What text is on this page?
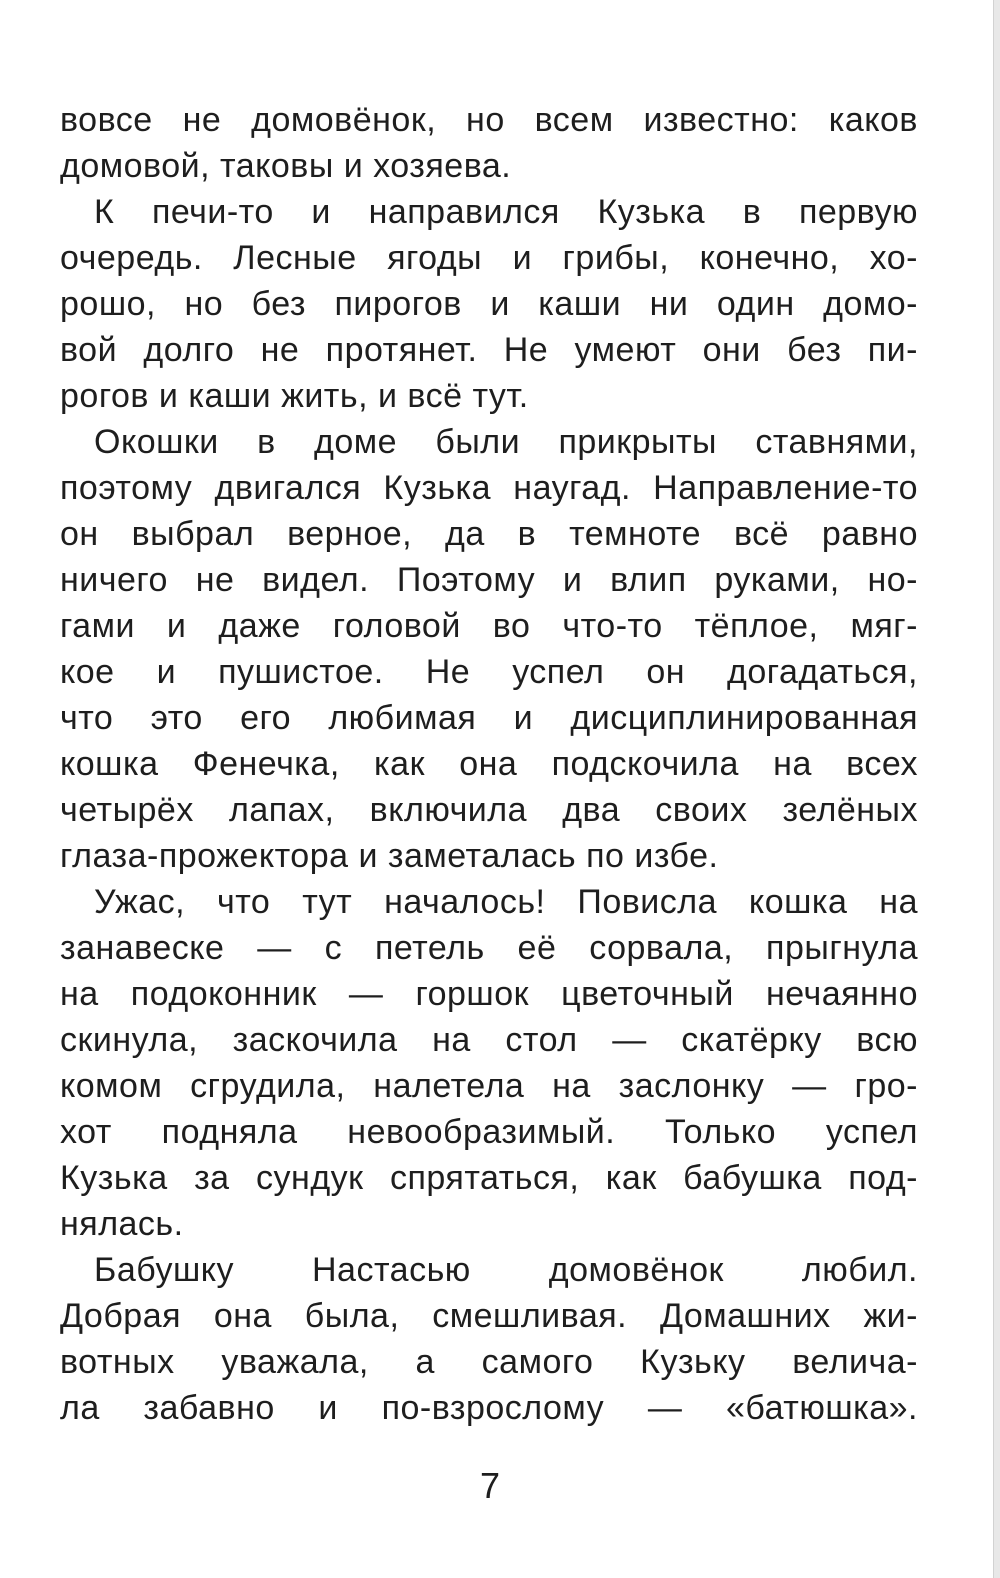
вовсе не домовёнок, но всем известно: каков
домовой, таковы и хозяева.
К печи-то и направился Кузька в первую
очередь. Лесные ягоды и грибы, конечно, хо-
рошо, но без пирогов и каши ни один домо-
вой долго не протянет. Не умеют они без пи-
рогов и каши жить, и всё тут.
Окошки в доме были прикрыты ставнями,
поэтому двигался Кузька наугад. Направление-то
он выбрал верное, да в темноте всё равно
ничего не видел. Поэтому и влип руками, но-
гами и даже головой во что-то тёплое, мяг-
кое и пушистое. Не успел он догадаться,
что это его любимая и дисциплинированная
кошка Фенечка, как она подскочила на всех
четырёх лапах, включила два своих зелёных
глаза-прожектора и заметалась по избе.
Ужас, что тут началось! Повисла кошка на
занавеске — с петель её сорвала, прыгнула
на подоконник — горшок цветочный нечаянно
скинула, заскочила на стол — скатёрку всю
комом сгрудила, налетела на заслонку — гро-
хот подняла невообразимый. Только успел
Кузька за сундук спрятаться, как бабушка под-
нялась.
Бабушку Настасью домовёнок любил.
Добрая она была, смешливая. Домашних жи-
вотных уважала, а самого Кузьку велича-
ла забавно и по-взрослому — «батюшка».
7
